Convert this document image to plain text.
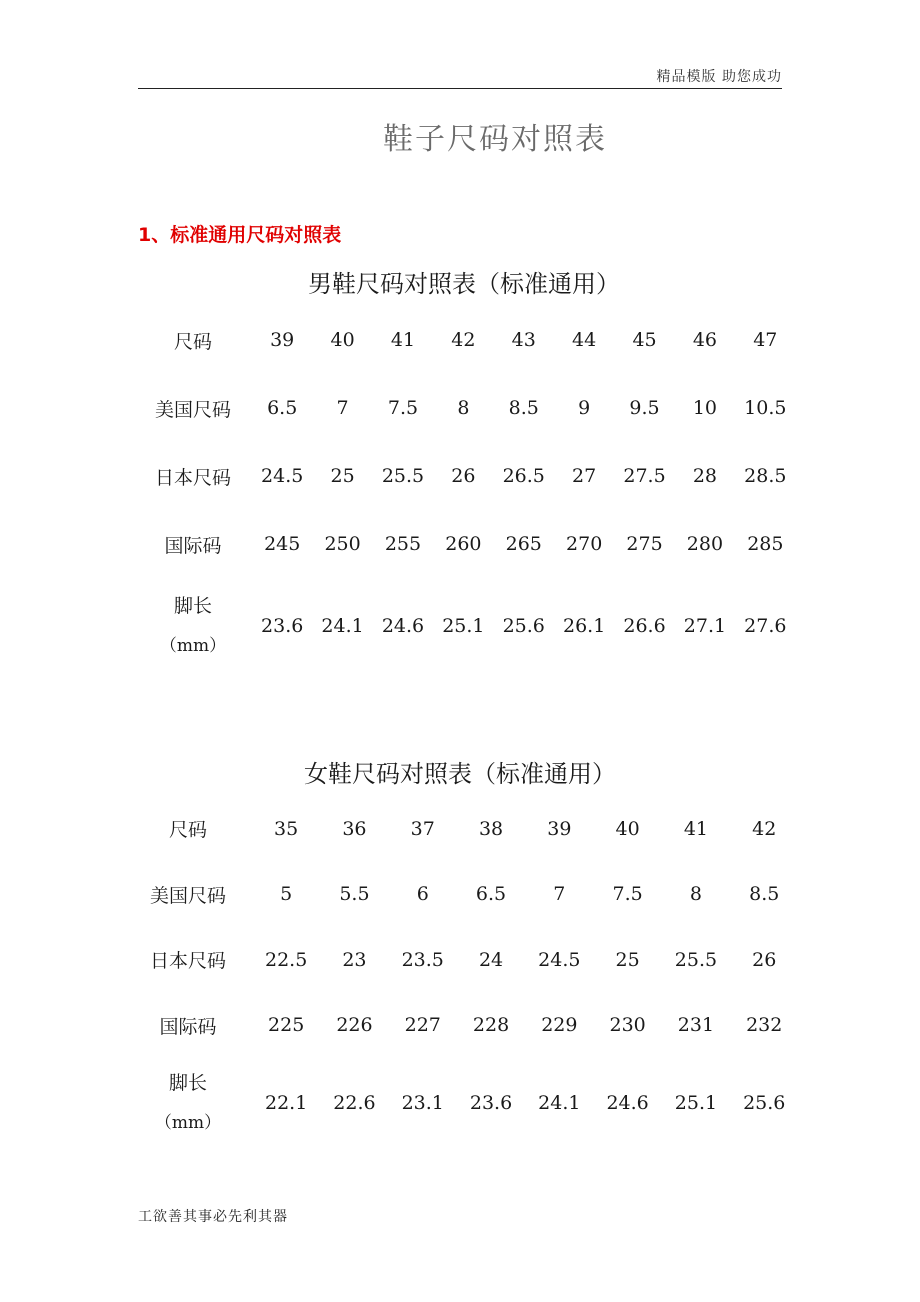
精品模版 助您成功
鞋子尺码对照表
1、标准通用尺码对照表
男鞋尺码对照表（标准通用）
尺码	39	40	41	42	43	44	45	46	47
美国尺码	6.5	7	7.5	8	8.5	9	9.5	10	10.5
日本尺码	24.5	25	25.5	26	26.5	27	27.5	28	28.5
国际码	245	250	255	260	265	270	275	280	285

脚长
（mm）	23.6	24.1	24.6	25.1	25.6	26.1	26.6	27.1	27.6
女鞋尺码对照表（标准通用）
尺码	35	36	37	38	39	40	41	42
美国尺码	5	5.5	6	6.5	7	7.5	8	8.5
日本尺码	22.5	23	23.5	24	24.5	25	25.5	26
国际码	225	226	227	228	229	230	231	232

脚长
（mm）	22.1	22.6	23.1	23.6	24.1	24.6	25.1	25.6
工欲善其事必先利其器
